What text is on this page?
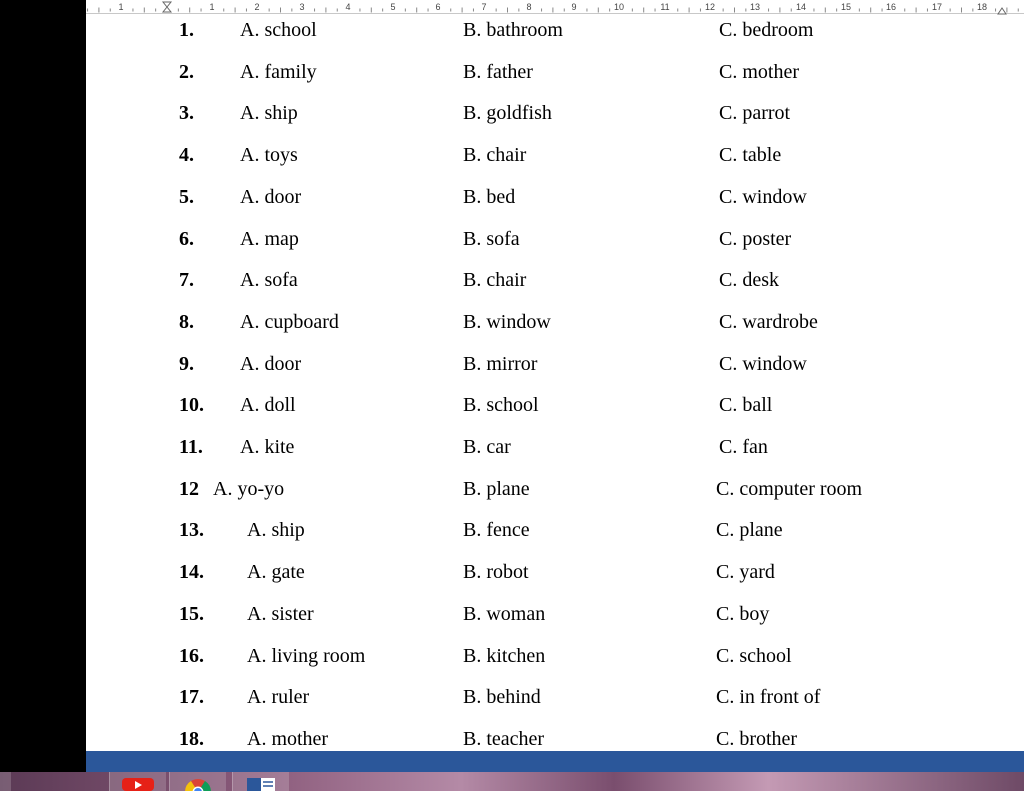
1	1	2	3	4	5	6	7	8	9	10	11	12	13	14	15	16	17	18
1. A. school	B. bathroom	C. bedroom
2. A. family	B. father	C. mother
3. A. ship	B. goldfish	C. parrot
4. A. toys	B. chair	C. table
5. A. door	B. bed	C. window
6. A. map	B. sofa	C. poster
7. A. sofa	B. chair	C. desk
8. A. cupboard	B. window	C. wardrobe
9. A. door	B. mirror	C. window
10. A. doll	B. school	C. ball
11. A. kite	B. car	C. fan
12 A. yo-yo	B. plane	C. computer room
13. A. ship	B. fence	C. plane
14. A. gate	B. robot	C. yard
15. A. sister	B. woman	C. boy
16. A. living room	B. kitchen	C. school
17. A. ruler	B. behind	C. in front of
18. A. mother	B. teacher	C. brother
